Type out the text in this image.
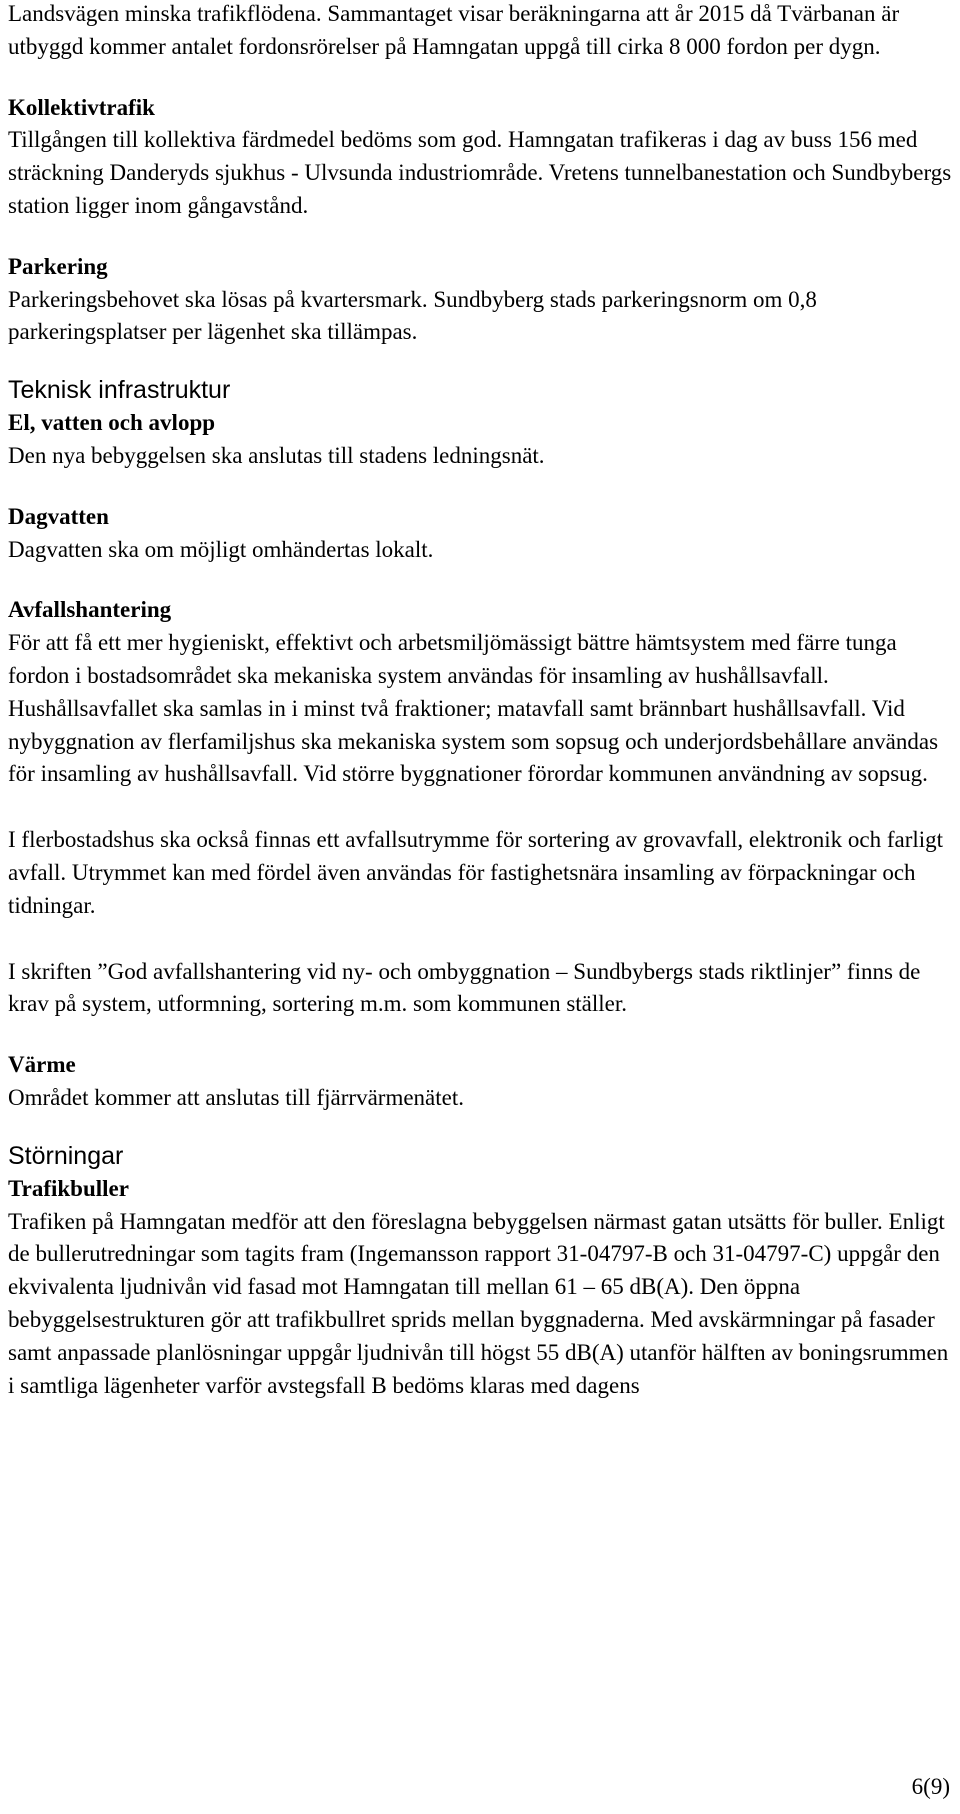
Landsvägen minska trafikflödena. Sammantaget visar beräkningarna att år 2015 då Tvärbanan är utbyggd kommer antalet fordonsrörelser på Hamngatan uppgå till cirka 8 000 fordon per dygn.

Kollektivtrafik

Tillgången till kollektiva färdmedel bedöms som god. Hamngatan trafikeras i dag av buss 156 med sträckning Danderyds sjukhus - Ulvsunda industriområde. Vretens tunnelbanestation och Sundbybergs station ligger inom gångavstånd.

Parkering

Parkeringsbehovet ska lösas på kvartersmark. Sundbyberg stads parkeringsnorm om 0,8 parkeringsplatser per lägenhet ska tillämpas.

Teknisk infrastruktur
El, vatten och avlopp

Den nya bebyggelsen ska anslutas till stadens ledningsnät.

Dagvatten

Dagvatten ska om möjligt omhändertas lokalt.

Avfallshantering

För att få ett mer hygieniskt, effektivt och arbetsmiljömässigt bättre hämtsystem med färre tunga fordon i bostadsområdet ska mekaniska system användas för insamling av hushållsavfall. Hushållsavfallet ska samlas in i minst två fraktioner; matavfall samt brännbart hushållsavfall. Vid nybyggnation av flerfamiljshus ska mekaniska system som sopsug och underjordsbehållare användas för insamling av hushållsavfall. Vid större byggnationer förordar kommunen användning av sopsug.

I flerbostadshus ska också finnas ett avfallsutrymme för sortering av grovavfall, elektronik och farligt avfall. Utrymmet kan med fördel även användas för fastighetsnära insamling av förpackningar och tidningar.

I skriften ”God avfallshantering vid ny- och ombyggnation – Sundbybergs stads riktlinjer” finns de krav på system, utformning, sortering m.m. som kommunen ställer.

Värme

Området kommer att anslutas till fjärrvärmenätet.

Störningar
Trafikbuller

Trafiken på Hamngatan medför att den föreslagna bebyggelsen närmast gatan utsätts för buller. Enligt de bullerutredningar som tagits fram (Ingemansson rapport 31-04797-B och 31-04797-C) uppgår den ekvivalenta ljudnivån vid fasad mot Hamngatan till mellan 61 – 65 dB(A). Den öppna bebyggelsestrukturen gör att trafikbullret sprids mellan byggnaderna. Med avskärmningar på fasader samt anpassade planlösningar uppgår ljudnivån till högst 55 dB(A) utanför hälften av boningsrummen i samtliga lägenheter varför avstegsfall B bedöms klaras med dagens

6(9)
